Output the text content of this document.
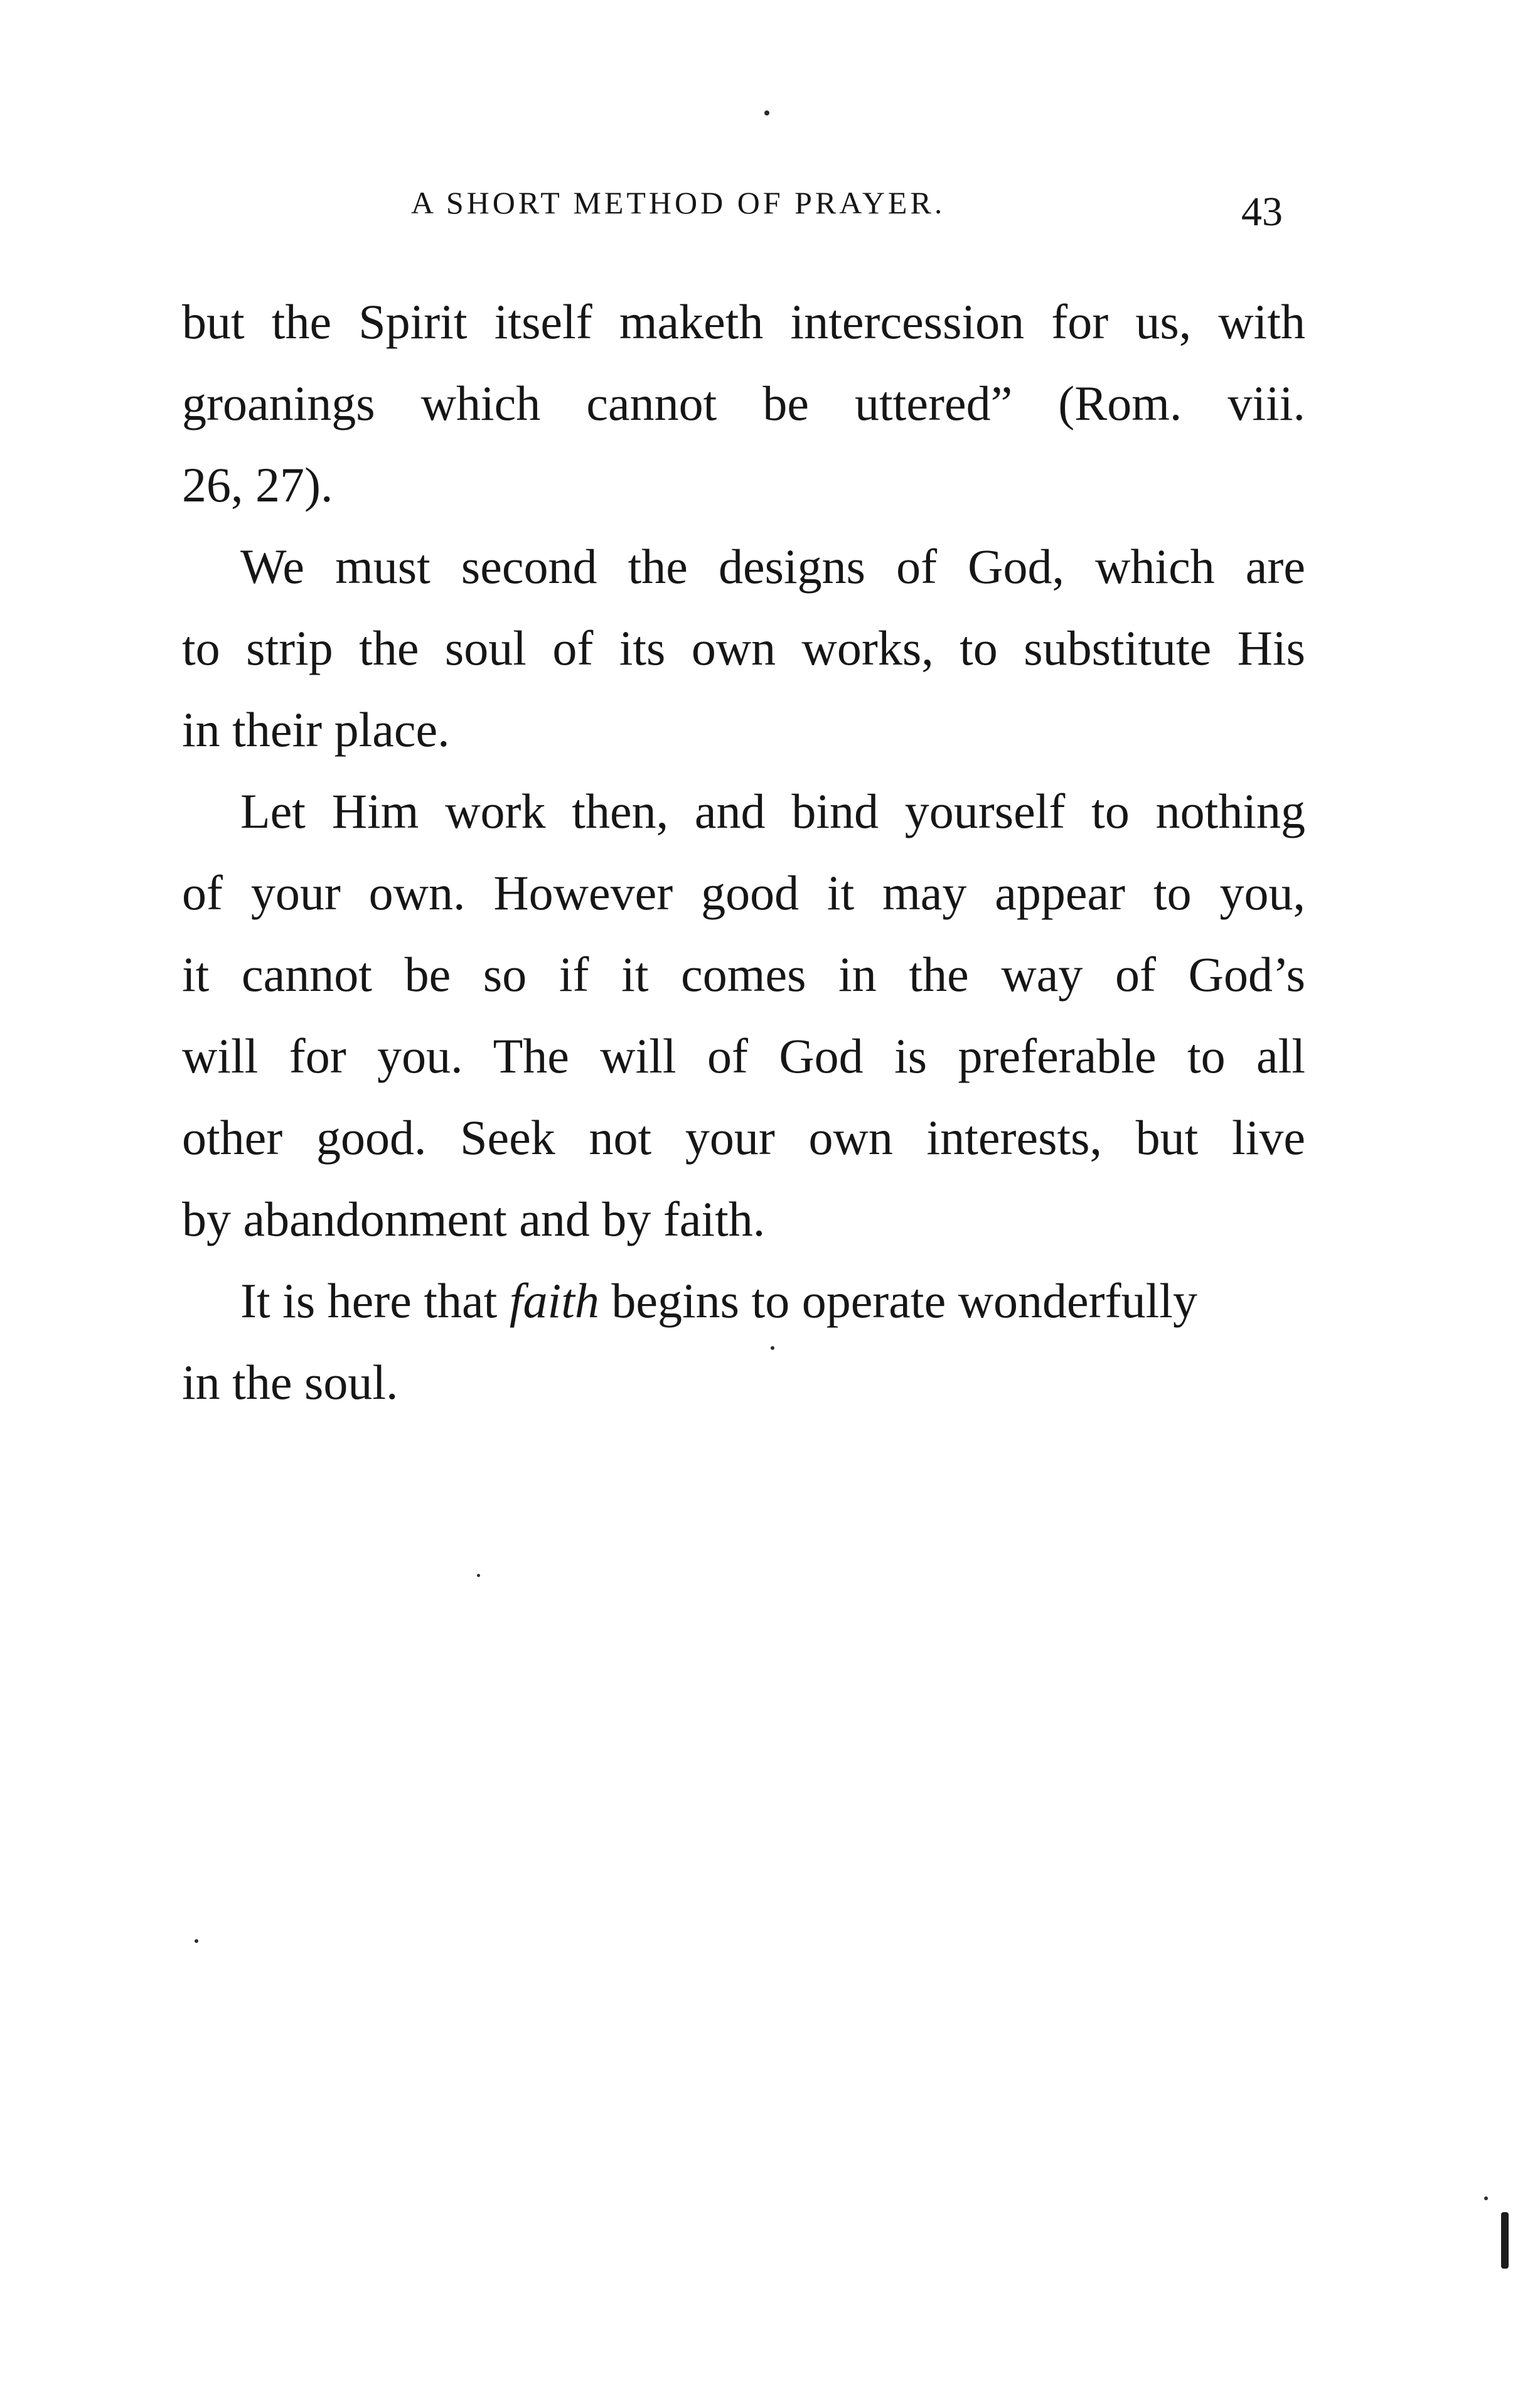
A SHORT METHOD OF PRAYER.	43
but the Spirit itself maketh intercession for us, with
groanings which cannot be uttered” (Rom. viii.
26, 27).
We must second the designs of God, which are
to strip the soul of its own works, to substitute His
in their place.
Let Him work then, and bind yourself to nothing
of your own. However good it may appear to you,
it cannot be so if it comes in the way of God’s
will for you. The will of God is preferable to all
other good. Seek not your own interests, but live
by abandonment and by faith.
It is here that faith begins to operate wonderfully
in the soul.
